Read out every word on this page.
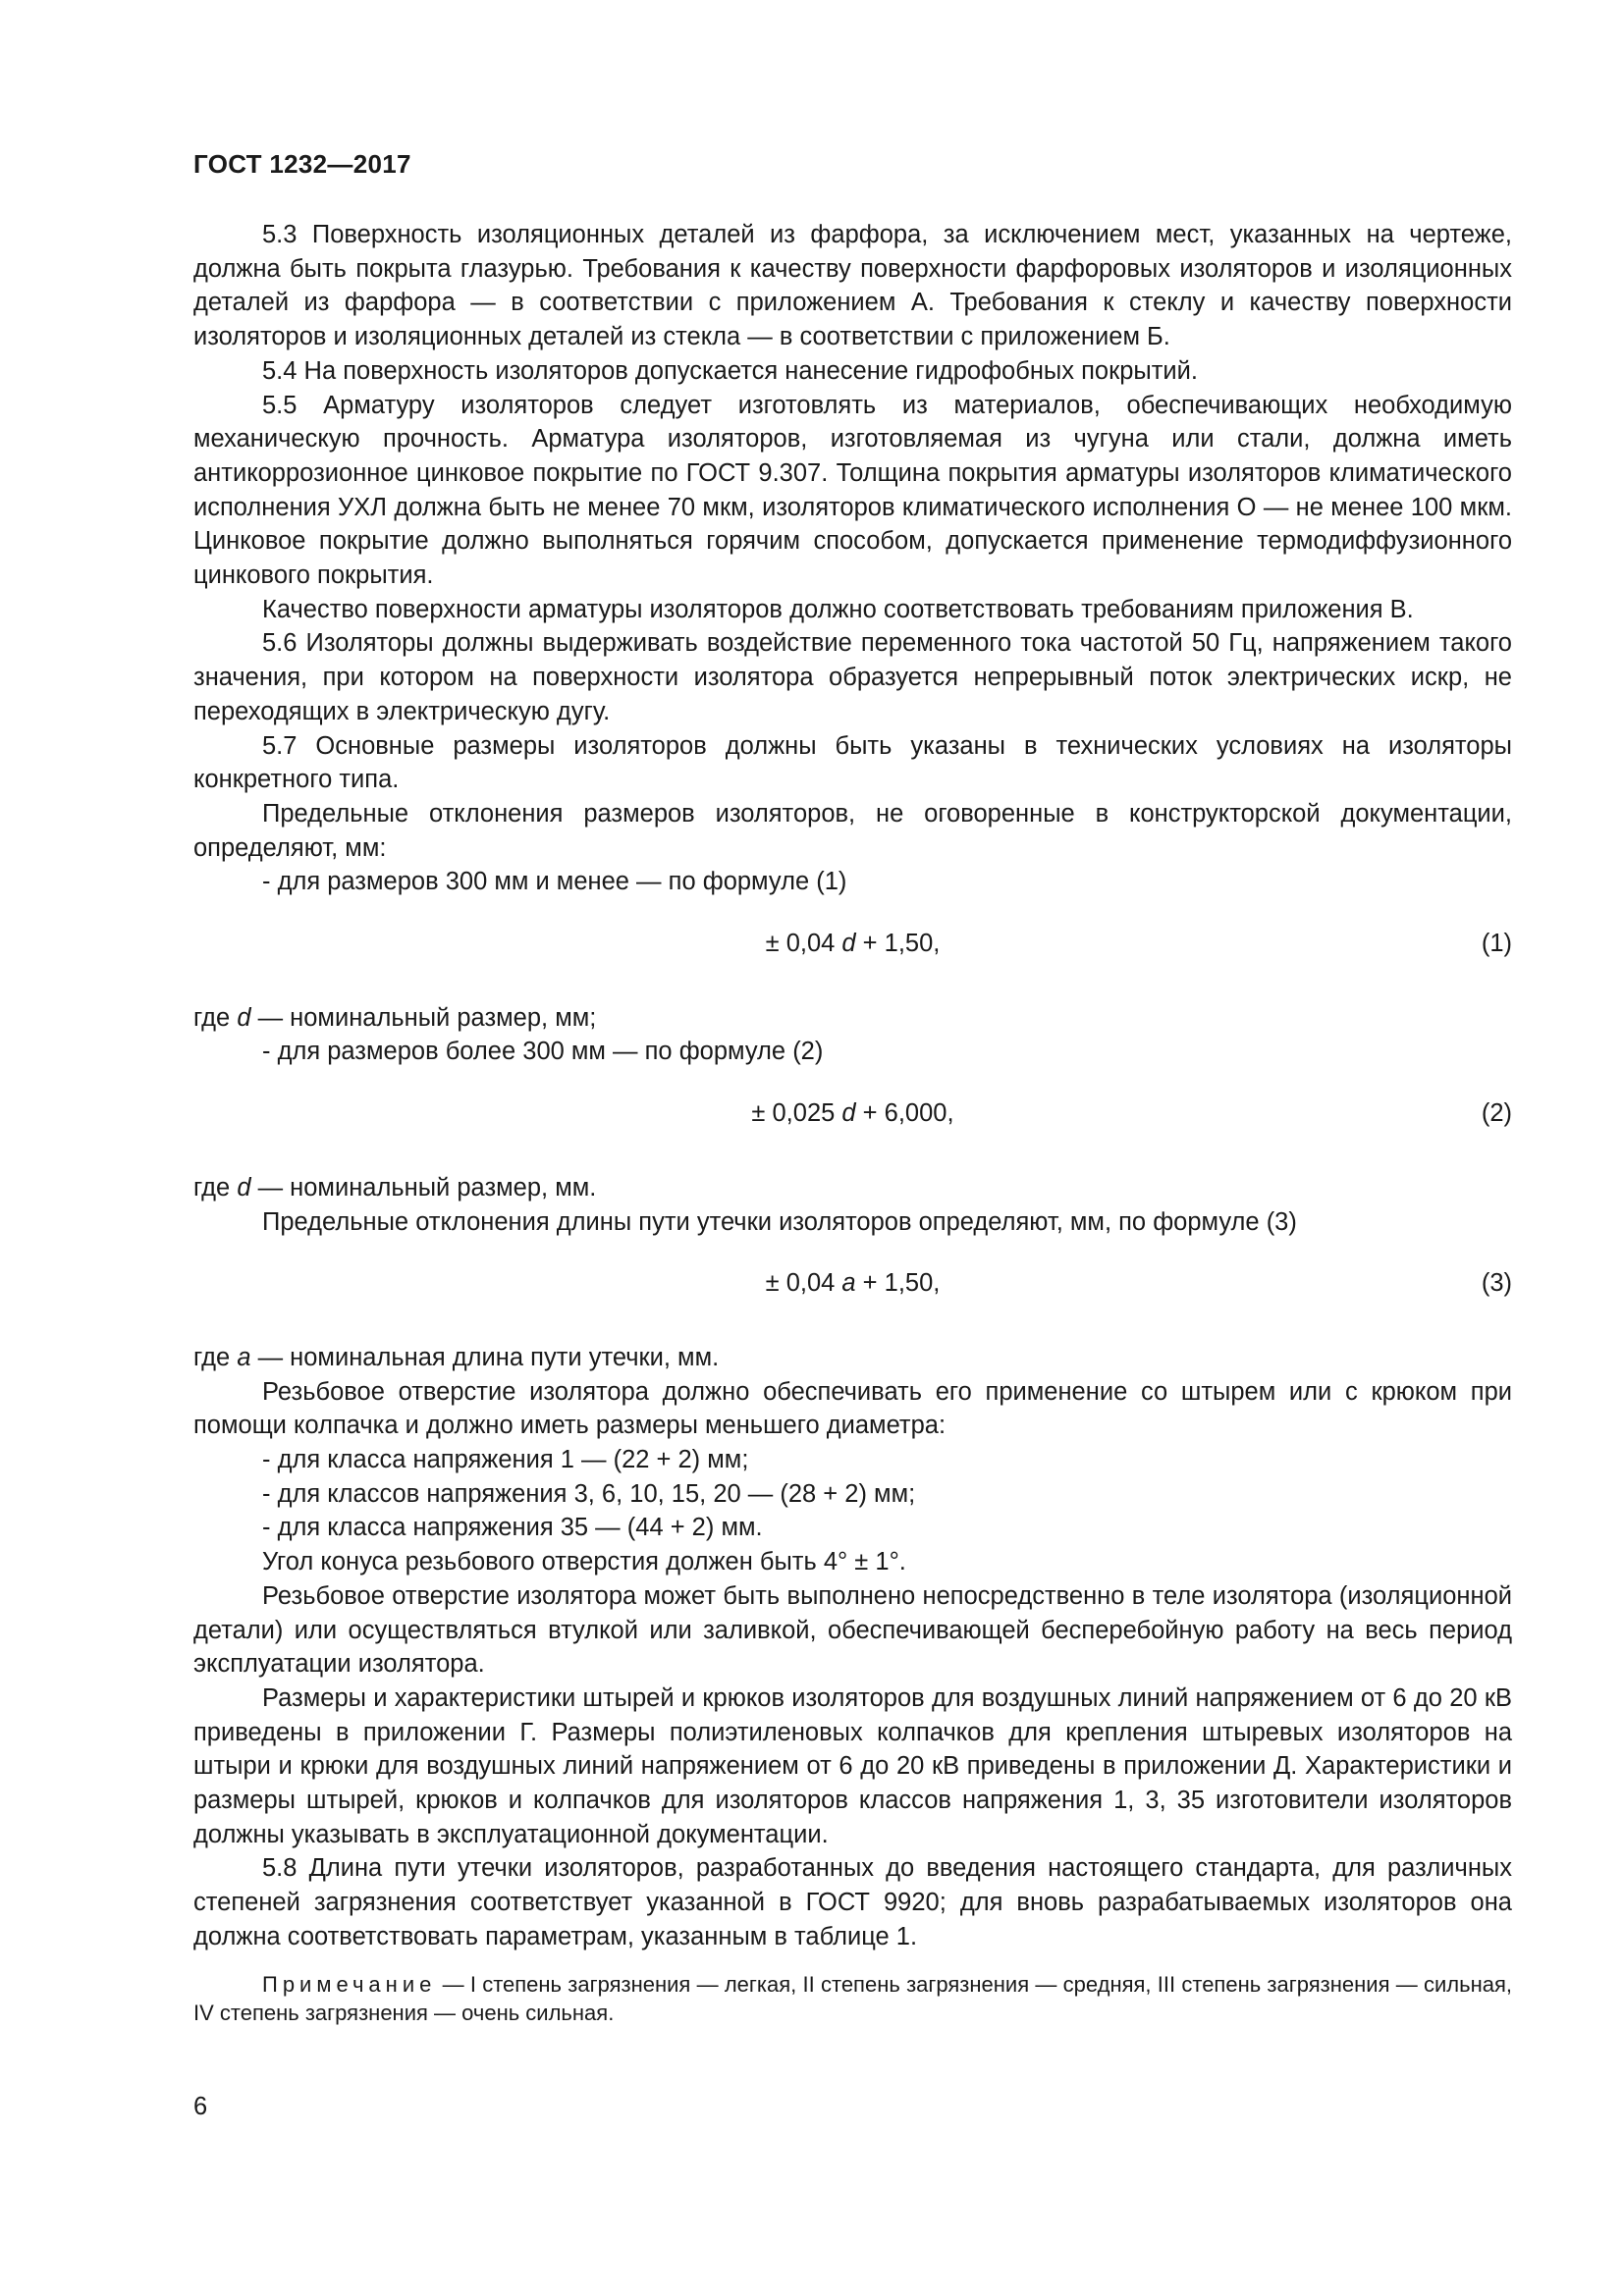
ГОСТ 1232—2017

5.3 Поверхность изоляционных деталей из фарфора, за исключением мест, указанных на чертеже, должна быть покрыта глазурью. Требования к качеству поверхности фарфоровых изоляторов и изоляционных деталей из фарфора — в соответствии с приложением А. Требования к стеклу и качеству поверхности изоляторов и изоляционных деталей из стекла — в соответствии с приложением Б.

5.4 На поверхность изоляторов допускается нанесение гидрофобных покрытий.

5.5 Арматуру изоляторов следует изготовлять из материалов, обеспечивающих необходимую механическую прочность. Арматура изоляторов, изготовляемая из чугуна или стали, должна иметь антикоррозионное цинковое покрытие по ГОСТ 9.307. Толщина покрытия арматуры изоляторов климатического исполнения УХЛ должна быть не менее 70 мкм, изоляторов климатического исполнения О — не менее 100 мкм. Цинковое покрытие должно выполняться горячим способом, допускается применение термодиффузионного цинкового покрытия.

Качество поверхности арматуры изоляторов должно соответствовать требованиям приложения В.

5.6 Изоляторы должны выдерживать воздействие переменного тока частотой 50 Гц, напряжением такого значения, при котором на поверхности изолятора образуется непрерывный поток электрических искр, не переходящих в электрическую дугу.

5.7 Основные размеры изоляторов должны быть указаны в технических условиях на изоляторы конкретного типа.

Предельные отклонения размеров изоляторов, не оговоренные в конструкторской документации, определяют, мм:

- для размеров 300 мм и менее — по формуле (1)

± 0,04 d + 1,50,	(1)

где d — номинальный размер, мм;

- для размеров более 300 мм — по формуле (2)

± 0,025 d + 6,000,	(2)

где d — номинальный размер, мм.

Предельные отклонения длины пути утечки изоляторов определяют, мм, по формуле (3)

± 0,04 a + 1,50,	(3)

где a — номинальная длина пути утечки, мм.

Резьбовое отверстие изолятора должно обеспечивать его применение со штырем или с крюком при помощи колпачка и должно иметь размеры меньшего диаметра:

- для класса напряжения 1 — (22 + 2) мм;

- для классов напряжения 3, 6, 10, 15, 20 — (28 + 2) мм;

- для класса напряжения 35 — (44 + 2) мм.

Угол конуса резьбового отверстия должен быть 4° ± 1°.

Резьбовое отверстие изолятора может быть выполнено непосредственно в теле изолятора (изоляционной детали) или осуществляться втулкой или заливкой, обеспечивающей бесперебойную работу на весь период эксплуатации изолятора.

Размеры и характеристики штырей и крюков изоляторов для воздушных линий напряжением от 6 до 20 кВ приведены в приложении Г. Размеры полиэтиленовых колпачков для крепления штыревых изоляторов на штыри и крюки для воздушных линий напряжением от 6 до 20 кВ приведены в приложении Д. Характеристики и размеры штырей, крюков и колпачков для изоляторов классов напряжения 1, 3, 35 изготовители изоляторов должны указывать в эксплуатационной документации.

5.8 Длина пути утечки изоляторов, разработанных до введения настоящего стандарта, для различных степеней загрязнения соответствует указанной в ГОСТ 9920; для вновь разрабатываемых изоляторов она должна соответствовать параметрам, указанным в таблице 1.

Примечание — I степень загрязнения — легкая, II степень загрязнения — средняя, III степень загрязнения — сильная, IV степень загрязнения — очень сильная.

6
